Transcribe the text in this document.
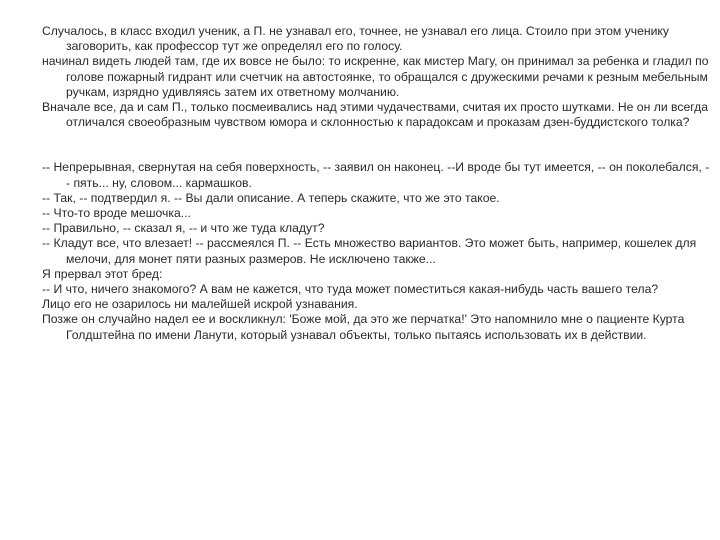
Случалось, в класс входил ученик, а П. не узнавал его, точнее, не узнавал его лица. Стоило при этом ученику заговорить, как профессор тут же определял его по голосу.

начинал видеть людей там, где их вовсе не было: то искренне, как мистер Магу, он принимал за ребенка и гладил по голове пожарный гидрант или счетчик на автостоянке, то обращался с дружескими речами к резным мебельным ручкам, изрядно удивляясь затем их ответному молчанию.

Вначале все, да и сам П., только посмеивались над этими чудачествами, считая их просто шутками. Не он ли всегда отличался своеобразным чувством юмора и склонностью к парадоксам и проказам дзен-буддистского толка?

-- Непрерывная, свернутая на себя поверхность, -- заявил он наконец. --И вроде бы тут имеется, -- он поколебался, -- пять... ну, словом... кармашков.

-- Так, -- подтвердил я. -- Вы дали описание. А теперь скажите, что же это такое.

-- Что-то вроде мешочка...

-- Правильно, -- сказал я, -- и что же туда кладут?

-- Кладут все, что влезает! -- рассмеялся П. -- Есть множество вариантов. Это может быть, например, кошелек для мелочи, для монет пяти разных размеров. Не исключено также...

Я прервал этот бред:

-- И что, ничего знакомого? А вам не кажется, что туда может поместиться какая-нибудь часть вашего тела?

Лицо его не озарилось ни малейшей искрой узнавания.

Позже он случайно надел ее и воскликнул: 'Боже мой, да это же перчатка!' Это напомнило мне о пациенте Курта Голдштейна по имени Ланути, который узнавал объекты, только пытаясь использовать их в действии.
